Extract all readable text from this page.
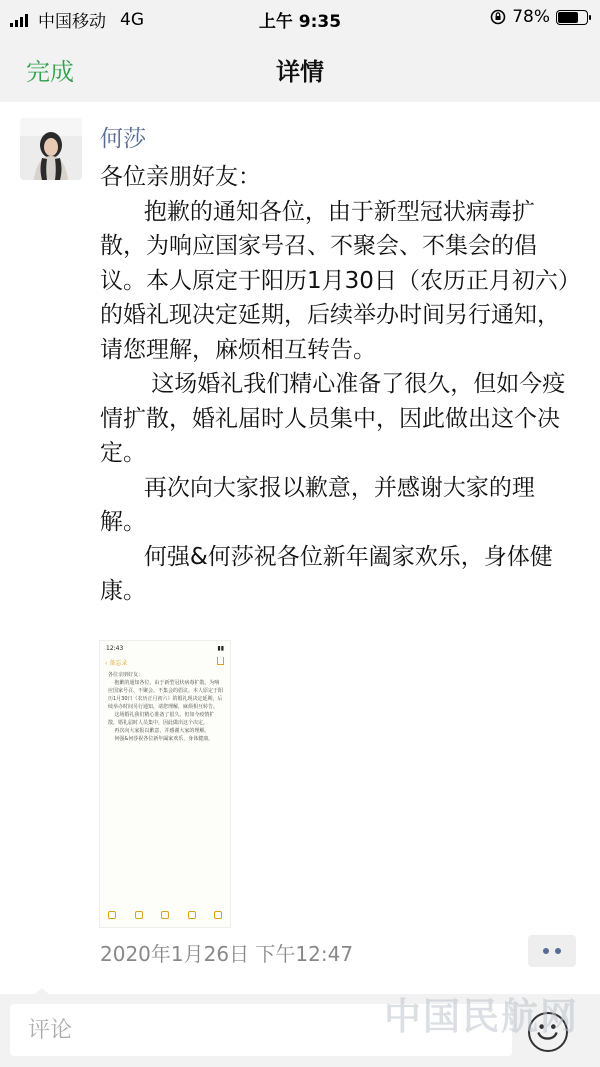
中国移动 4G	上午 9:35	78%
完成	详情
何莎

各位亲朋好友：

抱歉的通知各位，由于新型冠状病毒扩散，为响应国家号召、不聚会、不集会的倡议。本人原定于阳历1月30日（农历正月初六）的婚礼现决定延期，后续举办时间另行通知，请您理解，麻烦相互转告。

这场婚礼我们精心准备了很久，但如今疫情扩散，婚礼届时人员集中，因此做出这个决定。

再次向大家报以歉意，并感谢大家的理解。

何强&何莎祝各位新年阖家欢乐，身体健康。

12:43	▮▮
‹ 备忘录

各位亲朋好友：

抱歉的通知各位，由于新型冠状病毒扩散。为响应国家号召、不聚会、不集会的倡议。本人原定于阳历1月30日（农历正月初六）的婚礼现决定延期，后续举办时间另行通知，请您理解，麻烦相互转告。

这场婚礼我们精心准备了很久，但如今疫情扩散，婚礼届时人员集中，因此做出这个决定。

再次向大家报以歉意，并感谢大家的理解。

何强&何莎祝各位新年阖家欢乐，身体健康。

2020年1月26日 下午12:47
评论
中国民航网
